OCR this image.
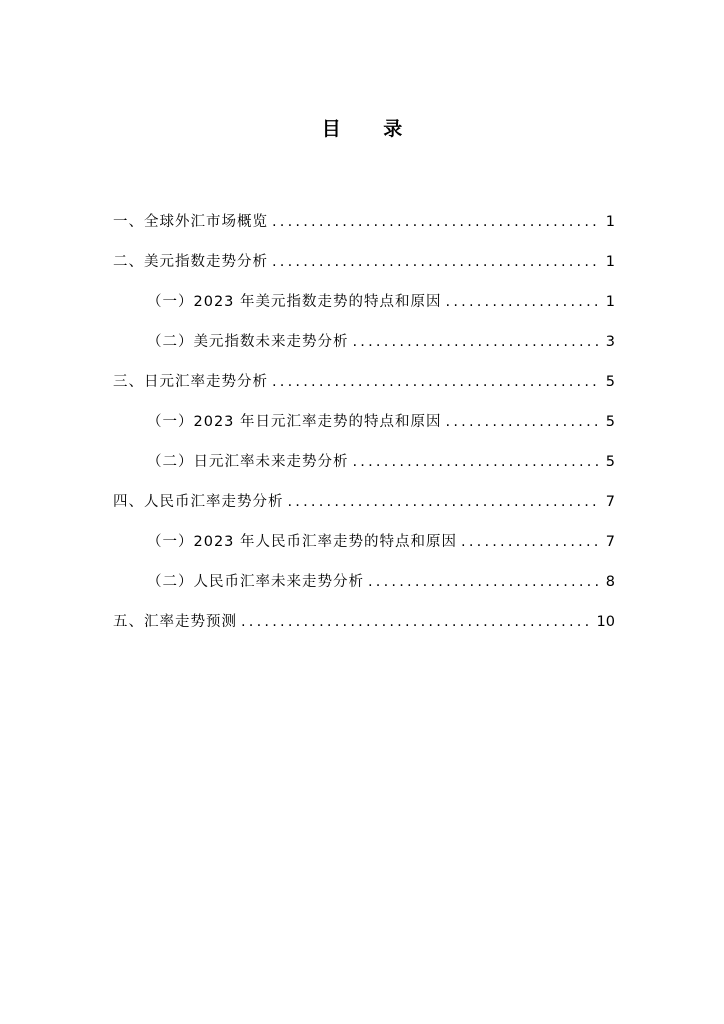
目 录
一、全球外汇市场概览 .....	1
二、美元指数走势分析 .....	1
（一）2023 年美元指数走势的特点和原因 .....	1
（二）美元指数未来走势分析 .....	3
三、日元汇率走势分析 .....	5
（一）2023 年日元汇率走势的特点和原因 .....	5
（二）日元汇率未来走势分析 .....	5
四、人民币汇率走势分析 .....	7
（一）2023 年人民币汇率走势的特点和原因 .....	7
（二）人民币汇率未来走势分析 .....	8
五、汇率走势预测 .....	10
